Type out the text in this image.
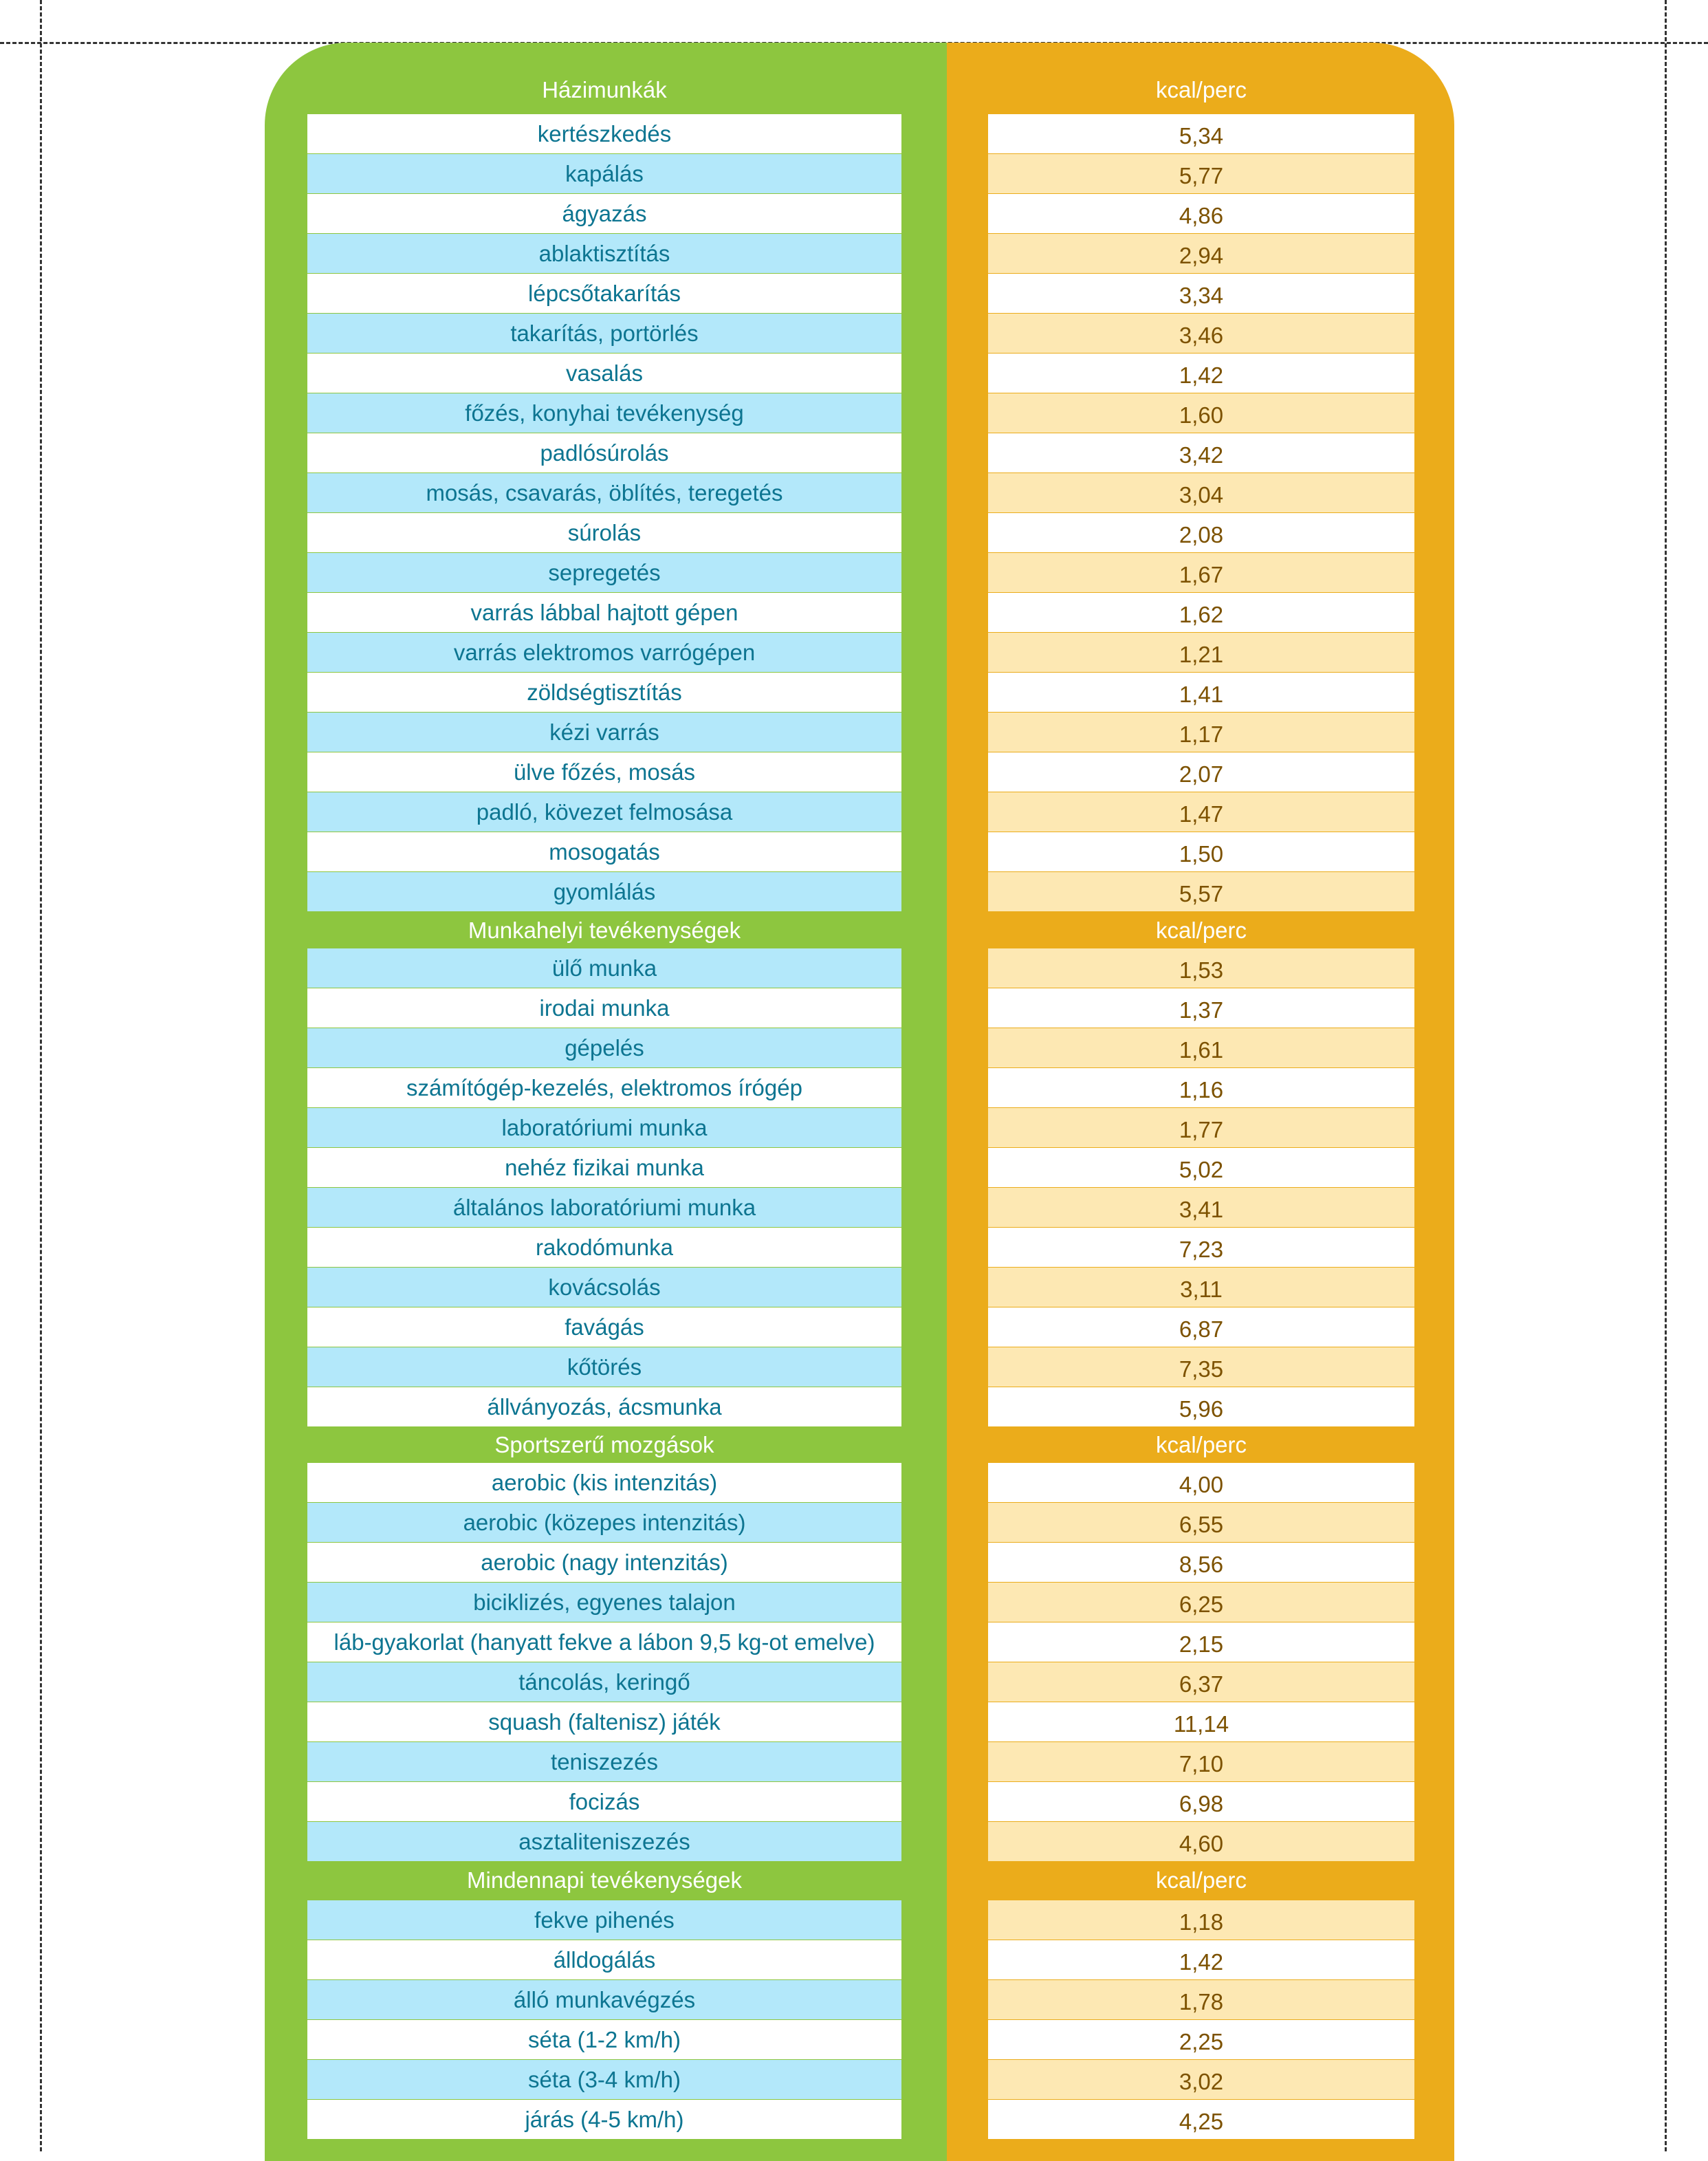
Házimunkák	kcal/perc
kertészkedés	5,34
kapálás	5,77
ágyazás	4,86
ablaktisztítás	2,94
lépcsőtakarítás	3,34
takarítás, portörlés	3,46
vasalás	1,42
főzés, konyhai tevékenység	1,60
padlósúrolás	3,42
mosás, csavarás, öblítés, teregetés	3,04
súrolás	2,08
sepregetés	1,67
varrás lábbal hajtott gépen	1,62
varrás elektromos varrógépen	1,21
zöldségtisztítás	1,41
kézi varrás	1,17
ülve főzés, mosás	2,07
padló, kövezet felmosása	1,47
mosogatás	1,50
gyomlálás	5,57
Munkahelyi tevékenységek	kcal/perc
ülő munka	1,53
irodai munka	1,37
gépelés	1,61
számítógép-kezelés, elektromos írógép	1,16
laboratóriumi munka	1,77
nehéz fizikai munka	5,02
általános laboratóriumi munka	3,41
rakodómunka	7,23
kovácsolás	3,11
favágás	6,87
kőtörés	7,35
állványozás, ácsmunka	5,96
Sportszerű mozgások	kcal/perc
aerobic (kis intenzitás)	4,00
aerobic (közepes intenzitás)	6,55
aerobic (nagy intenzitás)	8,56
biciklizés, egyenes talajon	6,25
láb-gyakorlat (hanyatt fekve a lábon 9,5 kg-ot emelve)	2,15
táncolás, keringő	6,37
squash (faltenisz) játék	11,14
teniszezés	7,10
focizás	6,98
asztaliteniszezés	4,60
Mindennapi tevékenységek	kcal/perc
fekve pihenés	1,18
álldogálás	1,42
álló munkavégzés	1,78
séta (1-2 km/h)	2,25
séta (3-4 km/h)	3,02
járás (4-5 km/h)	4,25
